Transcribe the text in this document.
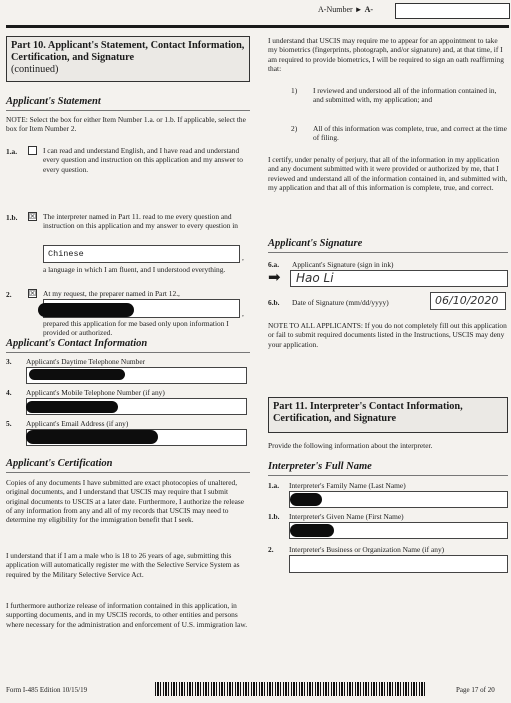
A-Number ► A-
Part 10. Applicant's Statement, Contact Information, Certification, and Signature
(continued)
Applicant's Statement
NOTE: Select the box for either Item Number 1.a. or 1.b. If applicable, select the box for Item Number 2.
1.a.	I can read and understand English, and I have read and understand every question and instruction on this application and my answer to every question.
1.b. ☒ The interpreter named in Part 11. read to me every question and instruction on this application and my answer to every question in
Chinese	,
a language in which I am fluent, and I understood everything.
2. ☒ At my request, the preparer named in Part 12.,
,
prepared this application for me based only upon information I provided or authorized.
Applicant's Contact Information
3. Applicant's Daytime Telephone Number
4. Applicant's Mobile Telephone Number (if any)
5. Applicant's Email Address (if any)
Applicant's Certification
Copies of any documents I have submitted are exact photocopies of unaltered, original documents, and I understand that USCIS may require that I submit original documents to USCIS at a later date. Furthermore, I authorize the release of any information from any and all of my records that USCIS may need to determine my eligibility for the immigration benefit that I seek.
I understand that if I am a male who is 18 to 26 years of age, submitting this application will automatically register me with the Selective Service System as required by the Military Selective Service Act.
I furthermore authorize release of information contained in this application, in supporting documents, and in my USCIS records, to other entities and persons where necessary for the administration and enforcement of U.S. immigration law.
I understand that USCIS may require me to appear for an appointment to take my biometrics (fingerprints, photograph, and/or signature) and, at that time, if I am required to provide biometrics, I will be required to sign an oath reaffirming that:
1) I reviewed and understood all of the information contained in, and submitted with, my application; and
2) All of this information was complete, true, and correct at the time of filing.
I certify, under penalty of perjury, that all of the information in my application and any document submitted with it were provided or authorized by me, that I reviewed and understand all of the information contained in, and submitted with, my application and that all of this information is complete, true, and correct.
Applicant's Signature
6.a. Applicant's Signature (sign in ink)
➡ Hao Li
6.b. Date of Signature (mm/dd/yyyy)	06/10/2020
NOTE TO ALL APPLICANTS: If you do not completely fill out this application or fail to submit required documents listed in the Instructions, USCIS may deny your application.
Part 11. Interpreter's Contact Information, Certification, and Signature
Provide the following information about the interpreter.
Interpreter's Full Name
1.a. Interpreter's Family Name (Last Name)
1.b. Interpreter's Given Name (First Name)
2. Interpreter's Business or Organization Name (if any)
Form I-485 Edition 10/15/19	Page 17 of 20
